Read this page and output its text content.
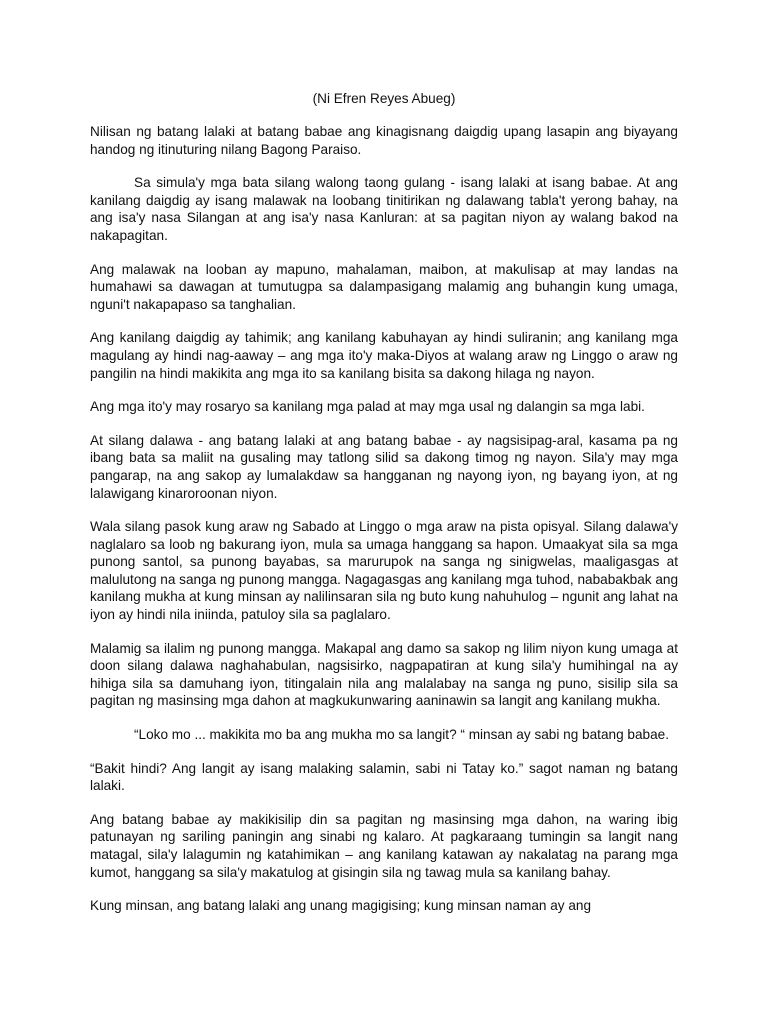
(Ni Efren Reyes Abueg)

Nilisan ng batang lalaki at batang babae ang kinagisnang daigdig upang lasapin ang biyayang handog ng itinuturing nilang Bagong Paraiso.

Sa simula'y mga bata silang walong taong gulang - isang lalaki at isang babae. At ang kanilang daigdig ay isang malawak na loobang tinitirikan ng dalawang tabla't yerong bahay, na ang isa'y nasa Silangan at ang isa'y nasa Kanluran: at sa pagitan niyon ay walang bakod na nakapagitan.

Ang malawak na looban ay mapuno, mahalaman, maibon, at makulisap at may landas na humahawi sa dawagan at tumutugpa sa dalampasigang malamig ang buhangin kung umaga, nguni't nakapapaso sa tanghalian.

Ang kanilang daigdig ay tahimik; ang kanilang kabuhayan ay hindi suliranin; ang kanilang mga magulang ay hindi nag-aaway – ang mga ito'y maka-Diyos at walang araw ng Linggo o araw ng pangilin na hindi makikita ang mga ito sa kanilang bisita sa dakong hilaga ng nayon.

Ang mga ito'y may rosaryo sa kanilang mga palad at may mga usal ng dalangin sa mga labi.

At silang dalawa - ang batang lalaki at ang batang babae - ay nagsisipag-aral, kasama pa ng ibang bata sa maliit na gusaling may tatlong silid sa dakong timog ng nayon. Sila'y may mga pangarap, na ang sakop ay lumalakdaw sa hangganan ng nayong iyon, ng bayang iyon, at ng lalawigang kinaroroonan niyon.

Wala silang pasok kung araw ng Sabado at Linggo o mga araw na pista opisyal. Silang dalawa'y naglalaro sa loob ng bakurang iyon, mula sa umaga hanggang sa hapon. Umaakyat sila sa mga punong santol, sa punong bayabas, sa marurupok na sanga ng sinigwelas, maaligasgas at malulutong na sanga ng punong mangga. Nagagasgas ang kanilang mga tuhod, nababakbak ang kanilang mukha at kung minsan ay nalilinsaran sila ng buto kung nahuhulog – ngunit ang lahat na iyon ay hindi nila iniinda, patuloy sila sa paglalaro.

Malamig sa ilalim ng punong mangga. Makapal ang damo sa sakop ng lilim niyon kung umaga at doon silang dalawa naghahabulan, nagsisirko, nagpapatiran at kung sila'y humihingal na ay hihiga sila sa damuhang iyon, titingalain nila ang malalabay na sanga ng puno, sisilip sila sa pagitan ng masinsing mga dahon at magkukunwaring aaninawin sa langit ang kanilang mukha.

“Loko mo ... makikita mo ba ang mukha mo sa langit? “ minsan ay sabi ng batang babae.

“Bakit hindi? Ang langit ay isang malaking salamin, sabi ni Tatay ko.” sagot naman ng batang lalaki.

Ang batang babae ay makikisilip din sa pagitan ng masinsing mga dahon, na waring ibig patunayan ng sariling paningin ang sinabi ng kalaro. At pagkaraang tumingin sa langit nang matagal, sila'y lalagumin ng katahimikan – ang kanilang katawan ay nakalatag na parang mga kumot, hanggang sa sila'y makatulog at gisingin sila ng tawag mula sa kanilang bahay.

Kung minsan, ang batang lalaki ang unang magigising; kung minsan naman ay ang
